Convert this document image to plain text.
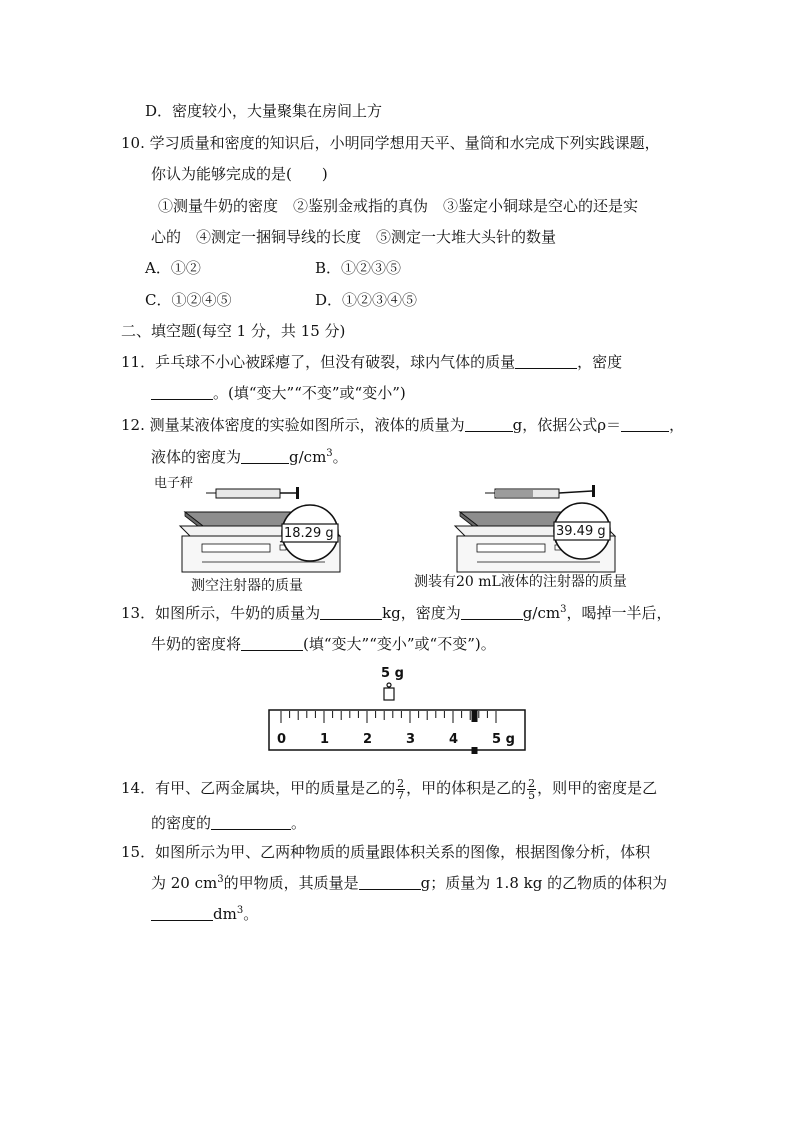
D．密度较小，大量聚集在房间上方
10. 学习质量和密度的知识后，小明同学想用天平、量筒和水完成下列实践课题，
你认为能够完成的是(　　)
①测量牛奶的密度　②鉴别金戒指的真伪　③鉴定小铜球是空心的还是实
心的　④测定一捆铜导线的长度　⑤测定一大堆大头针的数量
A．①②	B．①②③⑤
C．①②④⑤	D．①②③④⑤
二、填空题(每空 1 分，共 15 分)
11．乒乓球不小心被踩瘪了，但没有破裂，球内气体的质量	，密度
。(填“变大”“不变”或“变小”)
12. 测量某液体密度的实验如图所示，液体的质量为	g，依据公式ρ＝	，
液体的密度为	$g/cm^3$。
电子秤
18.29 g	39.49 g
测空注射器的质量	测装有20 mL液体的注射器的质量
13．如图所示，牛奶的质量为	kg，密度为	$g/cm^3$，喝掉一半后，
牛奶的密度将	(填“变大”“变小”或“不变”)。
5 g
0	1	2	3	4	5 g
14．有甲、乙两金属块，甲的质量是乙的 $\frac{2}{7}$ ，甲的体积是乙的 $\frac{2}{5}$ ，则甲的密度是乙
的密度的	。
15．如图所示为甲、乙两种物质的质量跟体积关系的图像，根据图像分析，体积
为 20 $cm^3$的甲物质，其质量是	g；质量为 1.8 kg 的乙物质的体积为
$dm^3$。
